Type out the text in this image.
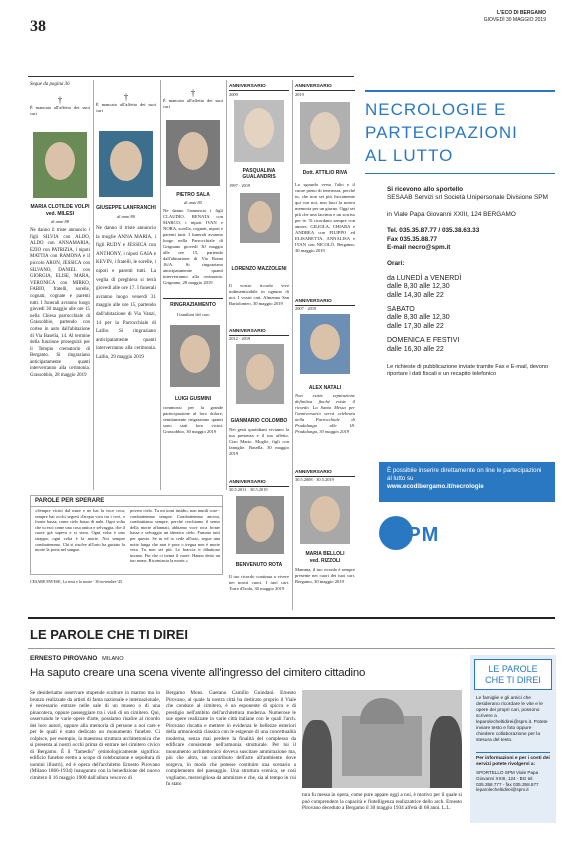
38
L'ECO DI BERGAMO
GIOVEDÌ 30 MAGGIO 2019
Segue da pagina 36
†
È mancata all'affetto dei suoi cari
MARIA CLOTILDE VOLPI
ved. MILESI
di anni 88
Ne danno il triste annuncio i figli SILVIA con ALDO, ALDO con ANNAMARIA, EZIO con PATRIZIA, i nipoti MATTIA con RAMONA e il piccolo ARON, JESSICA con SILVANO, DANIEL con GIORGIA, ELISE, MARA, VERONICA con MIRKO, FABIO, fratelli, sorelle, cognati, cognate e parenti tutti. I funerali avranno luogo giovedì 30 maggio alle ore 15 nella Chiesa parrocchiale di Grassobbio, partendo con corteo in auto dall'abitazione di Via Basella, 14. Al termine della funzione proseguirà per il Tempio crematorio di Bergamo. Si ringraziano anticipatamente quanti interverranno alla cerimonia. Grassobbio, 28 maggio 2019
†
È mancato all'affetto dei suoi cari
GIUSEPPE LANFRANCHI
di anni 80
Ne danno il triste annuncio la moglie ANNA MARIA, i figli RUDY e JESSICA con ANTHONY, i nipoti GAIA e KEVIN, i fratelli, le sorelle, i nipoti e parenti tutti. La veglia di preghiera si terrà giovedì alle ore 17. I funerali avranno luogo venerdì 31 maggio alle ore 15, partendo dall'abitazione di Via Vanzi, 14 per la Parrocchiale di Lallio. Si ringraziano anticipatamente quanti interverranno alla cerimonia. Lallio, 29 maggio 2019
†
È mancato all'affetto dei suoi cari
PIETRO SALA
di anni 85
Ne danno l'annuncio i figli CLAUDIO, RENATA con MARCO, i nipoti IVAN e NORA, sorella, cognati, nipoti e parenti tutti. I funerali avranno luogo nella Parrocchiale di Grignano giovedì 30 maggio alle ore 15, partendo dall'abitazione di Via Roma 16/A. Si ringraziano anticipatamente quanti interverranno alla cerimonia. Grignano, 28 maggio 2019
RINGRAZIAMENTO
I familiari del caro
LUIGI GUSMINI
commossi per la grande partecipazione al loro dolore, sentitamente ringraziano quanti sono stati loro vicini. Grassobbio, 30 maggio 2019
ANNIVERSARIO
2009
PASQUALINA GUALANDRIS
1997 · 2019
LORENZO MAZZOLENI
Il vostro ricordo vive indimenticabile in ognuno di noi. I vostri cari. Almenno San Bartolomeo, 30 maggio 2019
ANNIVERSARIO
2012 · 2019
GIANMARIO COLOMBO
Nei gesti quotidiani viviamo la tua presenza e il tuo affetto. Ciao Mario. Moglie, figli con famiglie. Basella, 30 maggio 2019
ANNIVERSARIO
30.5.2011 · 30.5.2019
BENVENUTO ROTA
Il tuo ricordo continua a vivere nei nostri cuori. I tuoi cari. Torre d'Isola, 30 maggio 2019
ANNIVERSARIO
2019
Dott. ATTILIO RIVA
Lo sguardo verso l'alto e il cuore pieno di tenerezza, perché tu, che non sei più fisicamente qui con noi, non lasci la nostra memoria per un giorno. Oggi sei più che una lacrima e un sorriso per te. Ti ricordano sempre con amore, GILIOLA, CHIARA e ANDREA con FILIPPO ed ELISABETTA, ANNALISA e IVAN con NICOLÒ. Bergamo, 30 maggio 2019
ANNIVERSARIO
2007 · 2019
ALEX NATALI
Non esiste separazione definitiva finché esiste il ricordo. La Santa Messa per l'anniversario verrà celebrata nella Parrocchiale di Pradalunga alle 18. Pradalunga, 30 maggio 2019
ANNIVERSARIO
30.5.2008 · 30.5.2019
MARIA BELLOLI
ved. RIZZOLI
Mamma, il tuo ricordo è sempre presente nei cuori dei tuoi cari. Bergamo, 30 maggio 2019
NECROLOGIE E
PARTECIPAZIONI
AL LUTTO
Si ricevono allo sportello
SESAAB Servizi srl Società Unipersonale Divisione SPM
in Viale Papa Giovanni XXIII, 124 BERGAMO
Tel. 035.35.87.77 / 035.38.63.33
Fax 035.35.88.77
E-mail necro@spm.it
Orari:
da LUNEDÌ a VENERDÌ
dalle 8,30 alle 12,30
dalle 14,30 alle 22
SABATO
dalle 8,30 alle 12,30
dalle 17,30 alle 22
DOMENICA E FESTIVI
dalle 16,30 alle 22
Le richieste di pubblicazione inviate tramite Fax e E-mail, devono riportare i dati fiscali e un recapito telefonico
È possibile inserire direttamente on line le partecipazioni al lutto su
www.ecodibergamo.it/necrologie
SPM
PAROLE PER SPERARE
«Sempre vicini dal mare e ne hai la voce roca, sempre hai occhi segreti d'acqua viva tra i rovi, e fronte bassa, come cielo basso di nubi. Ogni volta che tu esci come una cosa antica e selvaggia, che il cuore già sapeva e si serra. Ogni volta è uno strappo, ogni volta è la morte. Noi sempre combattemmo. Chi si risolve all'urto ha gustato la morte la porta nel sangue.
povero cielo. Tu mi torni insidio, non inutili cose - combattemmo sempre. Combattemmo ancora, combattiamo sempre, perché cerchiamo il senso della morte affannati, abbiamo voce roca fronte bassa e selvaggio un identico cielo. Fummo tutti per questo. Se tu ed io cede all'urto, segue una notte lunga che non è pace o tregua non è morte vera. Tu non sei più. Le braccia ti dibattono invano. Fin che ci trema il cuore. Hanno detto un tuo nome. Ricomincia la morte.»
CESARE PAVESE, La terra e la morte · 30 novembre '45
LE PAROLE CHE TI DIREI
ERNESTO PIROVANO MILANO
Ha saputo creare una scena vivente all'ingresso del cimitero cittadino
Se desideriamo osservare stupende sculture in marmo ma in bronzo realizzate da artisti di fama nazionale e internazionale, è necessario entrare nelle sale di un museo o di una pinacoteca, oppure passeggiare tra i viali di un cimitero. Qui, osservando le varie opere d'arte, possiamo risalire al ricordo dei loro autori, oppure alla memoria di persone a noi care e per le quali è stato dedicato un monumento funebre. Ci colpisce, per esempio, la maestosa struttura architettonica che si presenta ai nostri occhi prima di entrare nel cimitero civico di Bergamo. È il "famedio" (etimologicamente significa: edificio funebre eretto a scopo di celebrazione e sepoltura di uomini illustri), ed è opera dell'architetto Ernesto Pirovano (Milano 1866-1934) inaugurato con la benedizione del nuovo cimitero il 16 maggio 1900 dall'allora vescovo di
Bergamo Mons. Gaetano Camillo Guindani. Ernesto Pirovano, al quale la nostra città ha dedicato proprio il Viale che conduce al cimitero, è un esponente di spicco e di prestigio nell'ambito dell'architettura moderna. Numerose le sue opere realizzate in varie città italiane con le quali l'arch. Pirovano riscatta e mettere in evidenza le bellezze esteriori della armoniosità classica con le esigenze di una concettualità moderna, senza mai perdere la finalità del complesso da edificare consistente nell'armonia strutturale. Per lui il monumento architettonico doveva suscitare ammirazione ma, più che altro, un contributo dell'arte all'ambiente dove sorgeva, in modo che potesse costituire una scenario a complemento del paesaggio. Una struttura scenica, se così vogliamo, meravigliosa da ammirare e che, sia al tempo in cui fu stato
tura fu messa in opera, come pure appare oggi a noi, è motivo per il quale si può comprendere la capacità e l'intelligenza realizzatrice dello arch. Ernesto Pirovano deceduto a Bergamo il 30 maggio 1934 all'età di 68 anni. L.L.
LE PAROLE
CHE TI DIREI
Le famiglie e gli amici che desiderano ricordare le vite e le opere dei propri cari, possono scrivere a leparolecheltidirei@spm.it. Potete inviare testo e foto oppure chiedere collaborazione per la stesura del testo.
Per informazioni e per i costi dei servizi potete rivolgervi a:
SPORTELLO SPM Viale Papa Giovanni XXIII, 124 - BG tel. 035.358.777 - fax 035.358.877 leparolecheltidirei@spm.it
